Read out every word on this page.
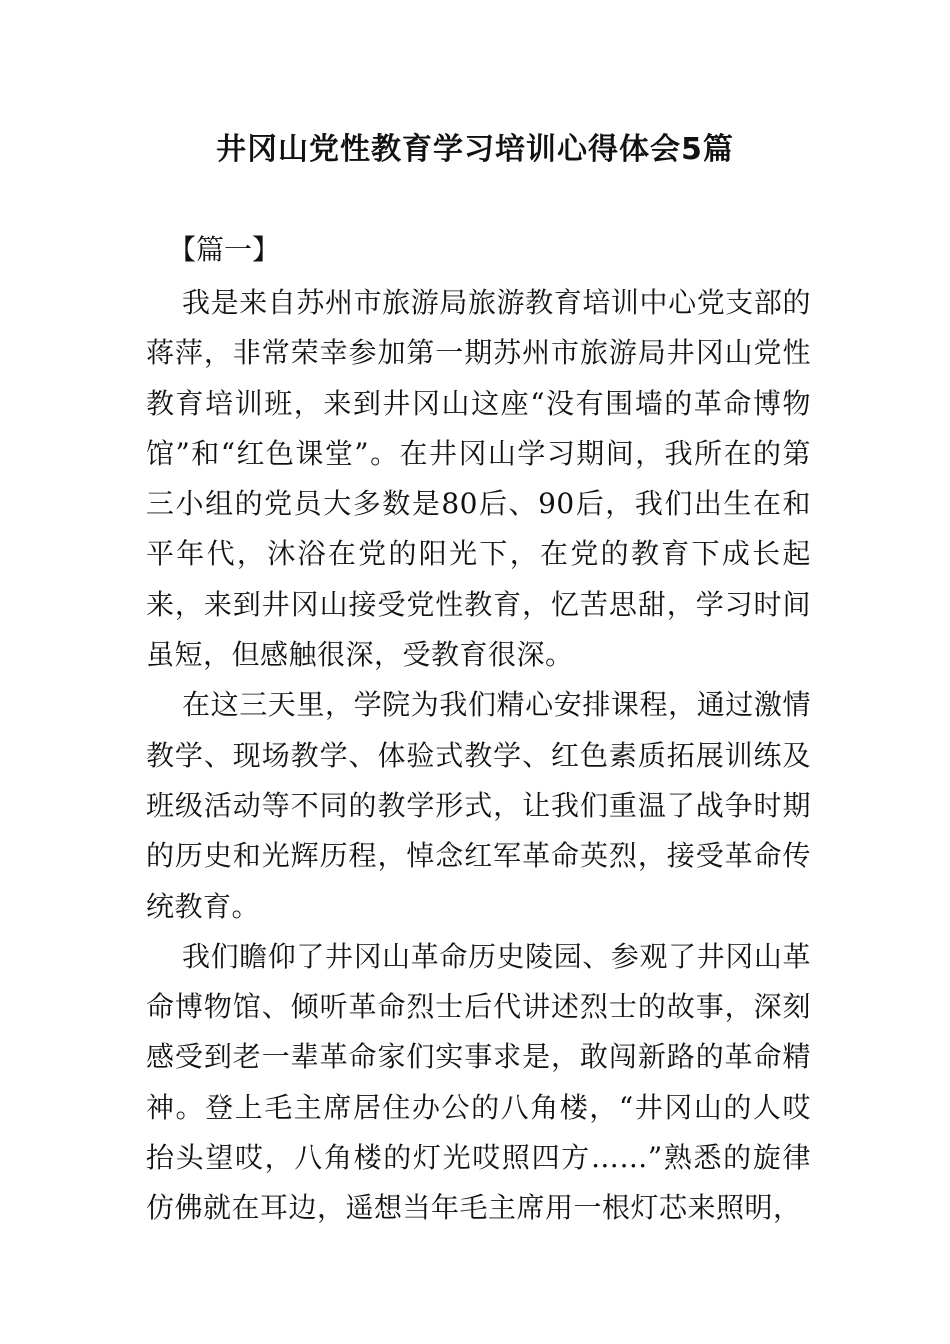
井冈山党性教育学习培训心得体会5篇

【篇一】

我是来自苏州市旅游局旅游教育培训中心党支部的蒋萍，非常荣幸参加第一期苏州市旅游局井冈山党性教育培训班，来到井冈山这座“没有围墙的革命博物馆”和“红色课堂”。在井冈山学习期间，我所在的第三小组的党员大多数是80后、90后，我们出生在和平年代，沐浴在党的阳光下，在党的教育下成长起来，来到井冈山接受党性教育，忆苦思甜，学习时间虽短，但感触很深，受教育很深。

在这三天里，学院为我们精心安排课程，通过激情教学、现场教学、体验式教学、红色素质拓展训练及班级活动等不同的教学形式，让我们重温了战争时期的历史和光辉历程，悼念红军革命英烈，接受革命传统教育。

我们瞻仰了井冈山革命历史陵园、参观了井冈山革命博物馆、倾听革命烈士后代讲述烈士的故事，深刻感受到老一辈革命家们实事求是，敢闯新路的革命精神。登上毛主席居住办公的八角楼，“井冈山的人哎抬头望哎，八角楼的灯光哎照四方……”熟悉的旋律仿佛就在耳边，遥想当年毛主席用一根灯芯来照明，
